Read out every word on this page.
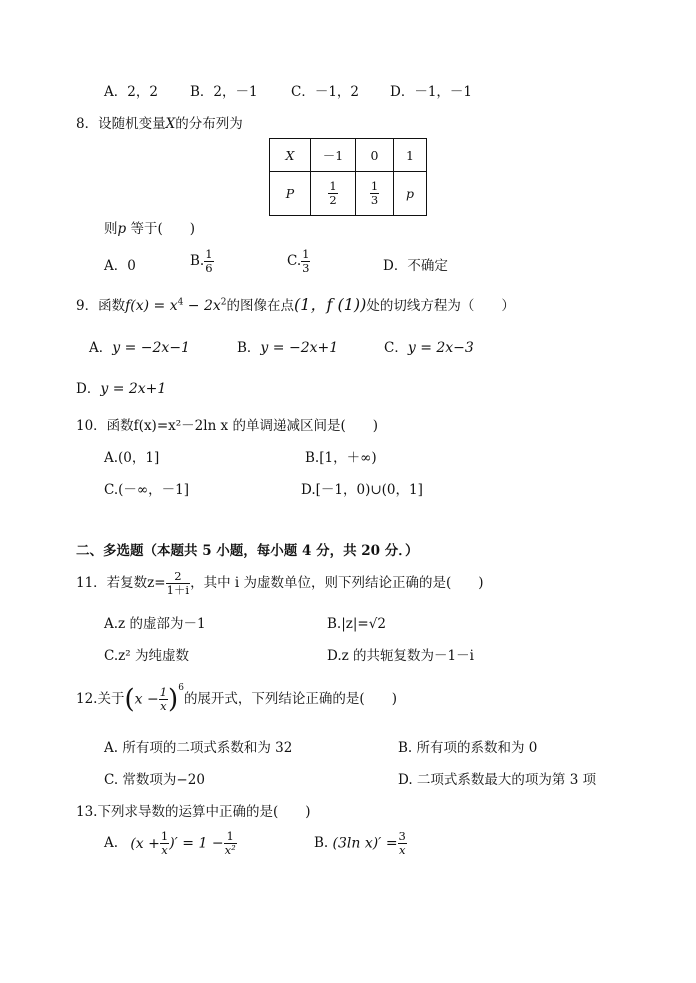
A．2，2 B．2，－1 C．－1，2 D．－1，－1
8．设随机变量X的分布列为
X	－1	0	1
P	$\frac{1}{2}$	$\frac{1}{3}$	p
则p 等于(　　)
A．0	B. $\frac{1}{6}$	C. $\frac{1}{3}$	D．不确定
9．函数$f(x) = x^4 - 2x^2$的图像在点(1，f (1))处的切线方程为（　　）
A．y = −2x−1	B．y = −2x+1	C．y = 2x−3
D．y = 2x+1
10．函数f(x)=x²－2ln x 的单调递减区间是(　　)
A.(0，1]	B.[1，＋∞)
C.(－∞，－1]	D.[－1，0)∪(0，1]
二、多选题（本题共 5 小题，每小题 4 分，共 20 分．）
11．若复数$z= \frac{2}{1+i}$ ，其中 i 为虚数单位，则下列结论正确的是(　　)
A.z 的虚部为－1	B.|z|=√2
C.z² 为纯虚数	D.z 的共轭复数为－1－i
12.关于$(x - \frac{1}{x} )^6$的展开式，下列结论正确的是(　　)
A. 所有项的二项式系数和为 32	B. 所有项的系数和为 0
C. 常数项为−20	D. 二项式系数最大的项为第 3 项
13.下列求导数的运算中正确的是(　　)
A. ($x + \frac{1}{x}$ )′ = $1 - \frac{1}{\text{x²}}$	B. (3ln $x)' = \frac{3}{x}$
